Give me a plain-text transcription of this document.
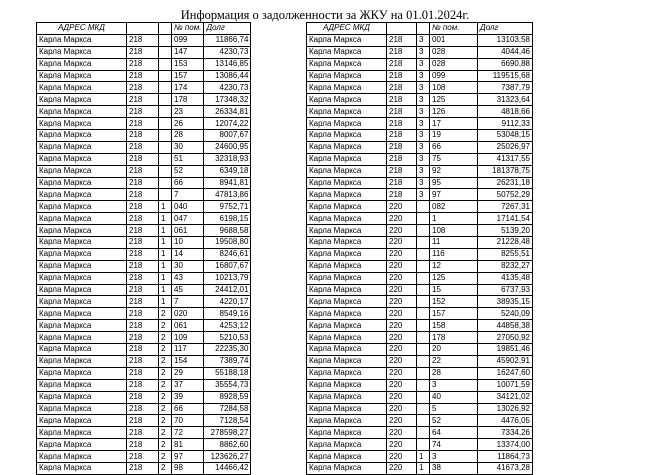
Информация о задолженности за ЖКУ на 01.01.2024г.
АДРЕС МКД			№ пом.	Долг
Карла Маркса	218		099	11866,74
Карла Маркса	218		147	4230,73
Карла Маркса	218		153	13146,85
Карла Маркса	218		157	13086,44
Карла Маркса	218		174	4230,73
Карла Маркса	218		178	17348,32
Карла Маркса	218		23	26334,81
Карла Маркса	218		26	12074,22
Карла Маркса	218		28	8007,67
Карла Маркса	218		30	24600,95
Карла Маркса	218		51	32318,93
Карла Маркса	218		52	6349,18
Карла Маркса	218		66	8941,81
Карла Маркса	218		7	47813,86
Карла Маркса	218	1	040	9752,71
Карла Маркса	218	1	047	6198,15
Карла Маркса	218	1	061	9688,58
Карла Маркса	218	1	10	19508,80
Карла Маркса	218	1	14	8246,61
Карла Маркса	218	1	30	16807,67
Карла Маркса	218	1	43	10213,79
Карла Маркса	218	1	45	24412,01
Карла Маркса	218	1	7	4220,17
Карла Маркса	218	2	020	8549,16
Карла Маркса	218	2	061	4253,12
Карла Маркса	218	2	109	5210,53
Карла Маркса	218	2	117	22235,30
Карла Маркса	218	2	154	7389,74
Карла Маркса	218	2	29	55188,18
Карла Маркса	218	2	37	35554,73
Карла Маркса	218	2	39	8928,59
Карла Маркса	218	2	66	7284,58
Карла Маркса	218	2	70	7128,54
Карла Маркса	218	2	72	278598,27
Карла Маркса	218	2	81	8862,60
Карла Маркса	218	2	97	123626,27
Карла Маркса	218	2	98	14466,42
АДРЕС МКД			№ пом.	Долг
Карла Маркса	218	3	001	13103,58
Карла Маркса	218	3	028	4044,46
Карла Маркса	218	3	028	6690,88
Карла Маркса	218	3	099	119515,68
Карла Маркса	218	3	108	7387,79
Карла Маркса	218	3	125	31323,64
Карла Маркса	218	3	126	4818,66
Карла Маркса	218	3	17	9112,33
Карла Маркса	218	3	19	53048,15
Карла Маркса	218	3	66	25026,97
Карла Маркса	218	3	75	41317,55
Карла Маркса	218	3	92	181378,75
Карла Маркса	218	3	95	26231,18
Карла Маркса	218	3	97	50752,29
Карла Маркса	220		082	7267,31
Карла Маркса	220		1	17141,54
Карла Маркса	220		108	5139,20
Карла Маркса	220		11	21228,48
Карла Маркса	220		116	8255,51
Карла Маркса	220		12	8232,27
Карла Маркса	220		125	4135,48
Карла Маркса	220		15	6737,93
Карла Маркса	220		152	38935,15
Карла Маркса	220		157	5240,09
Карла Маркса	220		158	44858,38
Карла Маркса	220		178	27050,92
Карла Маркса	220		20	19851,46
Карла Маркса	220		22	45902,91
Карла Маркса	220		28	16247,60
Карла Маркса	220		3	10071,59
Карла Маркса	220		40	34121,02
Карла Маркса	220		5	13026,92
Карла Маркса	220		52	4476,05
Карла Маркса	220		64	7334,26
Карла Маркса	220		74	13374,00
Карла Маркса	220	1	3	11864,73
Карла Маркса	220	1	38	41673,28
